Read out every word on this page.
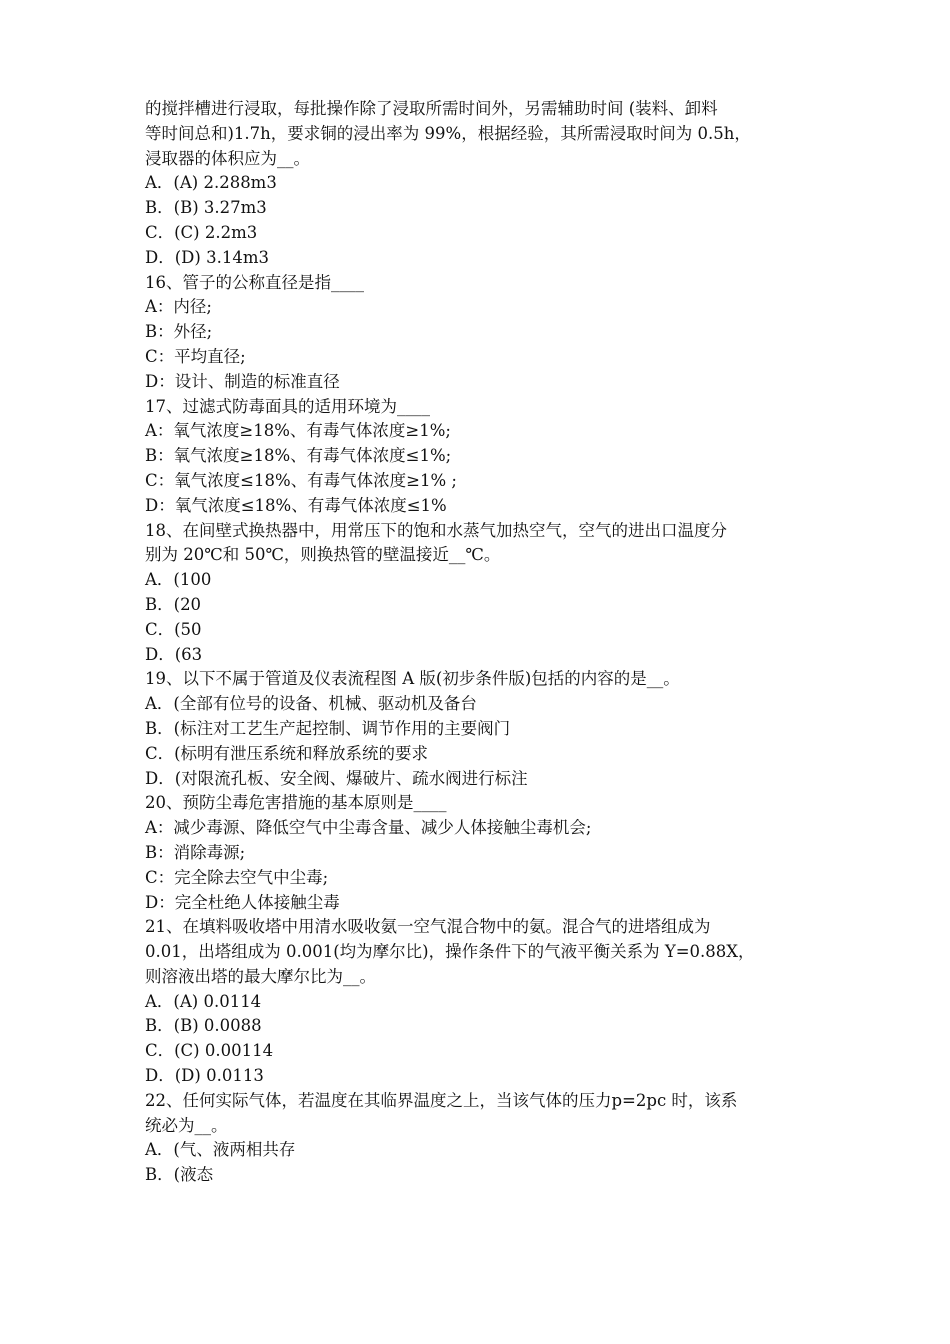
的搅拌槽进行浸取，每批操作除了浸取所需时间外，另需辅助时间 (装料、卸料
等时间总和)1.7h，要求铜的浸出率为 99%，根据经验，其所需浸取时间为 0.5h，
浸取器的体积应为__。
A．(A) 2.288m3
B．(B) 3.27m3
C．(C) 2.2m3
D．(D) 3.14m3
16、管子的公称直径是指____
A：内径;
B：外径;
C：平均直径;
D：设计、制造的标准直径
17、过滤式防毒面具的适用环境为____
A：氧气浓度≥18%、有毒气体浓度≥1%;
B：氧气浓度≥18%、有毒气体浓度≤1%;
C：氧气浓度≤18%、有毒气体浓度≥1% ;
D：氧气浓度≤18%、有毒气体浓度≤1%
18、在间壁式换热器中，用常压下的饱和水蒸气加热空气，空气的进出口温度分
别为 20℃和 50℃，则换热管的壁温接近__℃。
A．(100
B．(20
C．(50
D．(63
19、以下不属于管道及仪表流程图 A 版(初步条件版)包括的内容的是__。
A．(全部有位号的设备、机械、驱动机及备台
B．(标注对工艺生产起控制、调节作用的主要阀门
C．(标明有泄压系统和释放系统的要求
D．(对限流孔板、安全阀、爆破片、疏水阀进行标注
20、预防尘毒危害措施的基本原则是____
A：减少毒源、降低空气中尘毒含量、减少人体接触尘毒机会;
B：消除毒源;
C：完全除去空气中尘毒;
D：完全杜绝人体接触尘毒
21、在填料吸收塔中用清水吸收氨一空气混合物中的氨。混合气的进塔组成为
0.01，出塔组成为 0.001(均为摩尔比)，操作条件下的气液平衡关系为 Y=0.88X，
则溶液出塔的最大摩尔比为__。
A．(A) 0.0114
B．(B) 0.0088
C．(C) 0.00114
D．(D) 0.0113
22、任何实际气体，若温度在其临界温度之上，当该气体的压力p=2pc 时，该系
统必为__。
A．(气、液两相共存
B．(液态
